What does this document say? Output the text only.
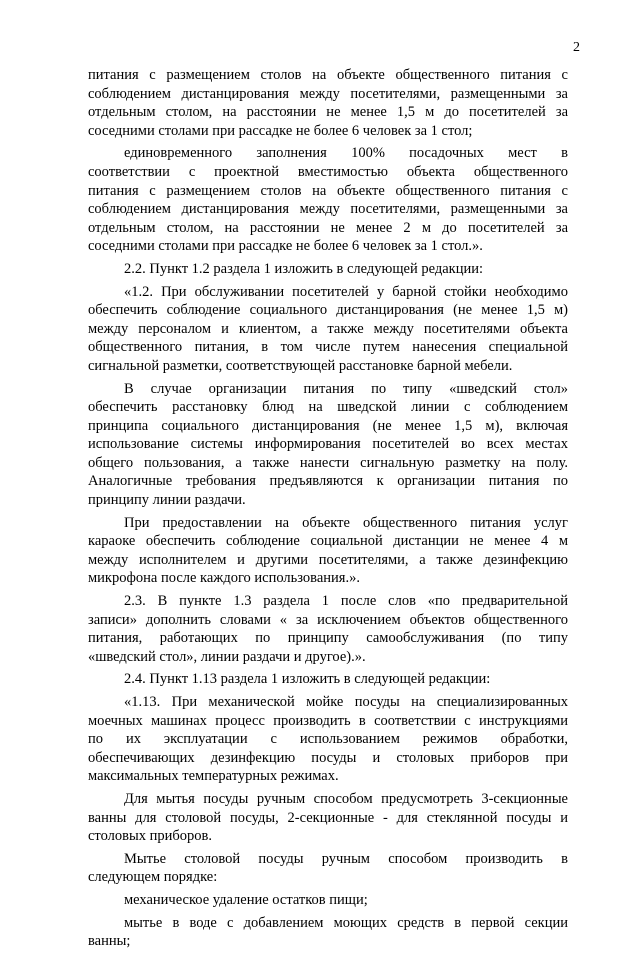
2
питания с размещением столов на объекте общественного питания с
соблюдением дистанцирования между посетителями, размещенными за
отдельным столом, на расстоянии не менее 1,5 м до посетителей за
соседними столами при рассадке не более 6 человек за 1 стол;
единовременного заполнения 100% посадочных мест в
соответствии с проектной вместимостью объекта общественного
питания с размещением столов на объекте общественного питания с
соблюдением дистанцирования между посетителями, размещенными за
отдельным столом, на расстоянии не менее 2 м до посетителей за
соседними столами при рассадке не более 6 человек за 1 стол.».
2.2. Пункт 1.2 раздела 1 изложить в следующей редакции:
«1.2. При обслуживании посетителей у барной стойки необходимо
обеспечить соблюдение социального дистанцирования (не менее 1,5 м)
между персоналом и клиентом, а также между посетителями объекта
общественного питания, в том числе путем нанесения специальной
сигнальной разметки, соответствующей расстановке барной мебели.
В случае организации питания по типу «шведский стол»
обеспечить расстановку блюд на шведской линии с соблюдением
принципа социального дистанцирования (не менее 1,5 м), включая
использование системы информирования посетителей во всех местах
общего пользования, а также нанести сигнальную разметку на полу.
Аналогичные требования предъявляются к организации питания по
принципу линии раздачи.
При предоставлении на объекте общественного питания услуг
караоке обеспечить соблюдение социальной дистанции не менее 4 м
между исполнителем и другими посетителями, а также дезинфекцию
микрофона после каждого использования.».
2.3. В пункте 1.3 раздела 1 после слов «по предварительной
записи» дополнить словами « за исключением объектов общественного
питания, работающих по принципу самообслуживания (по типу
«шведский стол», линии раздачи и другое).».
2.4. Пункт 1.13 раздела 1 изложить в следующей редакции:
«1.13. При механической мойке посуды на специализированных
моечных машинах процесс производить в соответствии с инструкциями
по их эксплуатации с использованием режимов обработки,
обеспечивающих дезинфекцию посуды и столовых приборов при
максимальных температурных режимах.
Для мытья посуды ручным способом предусмотреть 3-секционные
ванны для столовой посуды, 2-секционные - для стеклянной посуды и
столовых приборов.
Мытье столовой посуды ручным способом производить в
следующем порядке:
механическое удаление остатков пищи;
мытье в воде с добавлением моющих средств в первой секции
ванны;
